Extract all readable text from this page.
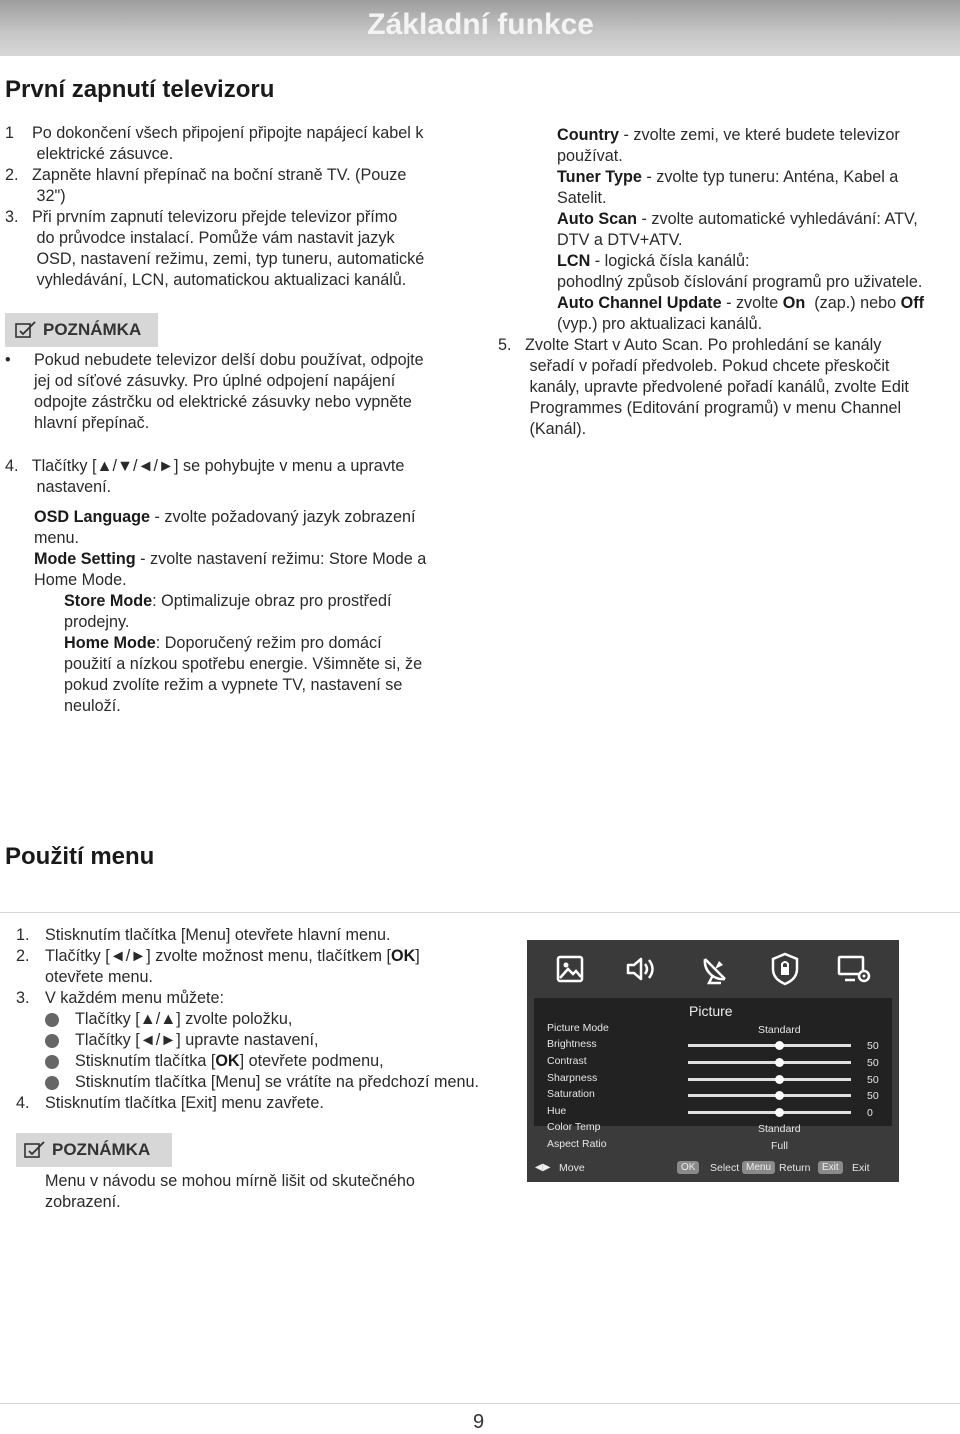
Základní funkce
První zapnutí televizoru
1    Po dokončení všech připojení připojte napájecí kabel k
elektrické zásuvce.
2.   Zapněte hlavní přepínač na boční straně TV. (Pouze
32")
3.   Při prvním zapnutí televizoru přejde televizor přímo
do průvodce instalací. Pomůže vám nastavit jazyk
OSD, nastavení režimu, zemi, typ tuneru, automatické
vyhledávání, LCN, automatickou aktualizaci kanálů.
POZNÁMKA
• Pokud nebudete televizor delší dobu používat, odpojte
jej od síťové zásuvky. Pro úplné odpojení napájení
odpojte zástrčku od elektrické zásuvky nebo vypněte
hlavní přepínač.
4.   Tlačítky [▲/▼/◄/►] se pohybujte v menu a upravte
nastavení.
OSD Language - zvolte požadovaný jazyk zobrazení
menu.
Mode Setting - zvolte nastavení režimu: Store Mode a
Home Mode.
Store Mode: Optimalizuje obraz pro prostředí
prodejny.
Home Mode: Doporučený režim pro domácí
použití a nízkou spotřebu energie. Všimněte si, že
pokud zvolíte režim a vypnete TV, nastavení se
neuloží.
Country - zvolte zemi, ve které budete televizor
používat.
Tuner Type - zvolte typ tuneru: Anténa, Kabel a
Satelit.
Auto Scan - zvolte automatické vyhledávání: ATV,
DTV a DTV+ATV.
LCN - logická čísla kanálů:
pohodlný způsob číslování programů pro uživatele.
Auto Channel Update - zvolte On  (zap.) nebo Off
(vyp.) pro aktualizaci kanálů.
5.   Zvolte Start v Auto Scan. Po prohledání se kanály
seřadí v pořadí předvoleb. Pokud chcete přeskočit
kanály, upravte předvolené pořadí kanálů, zvolte Edit
Programmes (Editování programů) v menu Channel
(Kanál).
Použití menu
1. Stisknutím tlačítka [Menu] otevřete hlavní menu.
2. Tlačítky [◄/►] zvolte možnost menu, tlačítkem [OK]
otevřete menu.
3. V každém menu můžete:
Tlačítky [▲/▲] zvolte položku,
Tlačítky [◄/►] upravte nastavení,
Stisknutím tlačítka [OK] otevřete podmenu,
Stisknutím tlačítka [Menu] se vrátíte na předchozí menu.
4. Stisknutím tlačítka [Exit] menu zavřete.
POZNÁMKA
Menu v návodu se mohou mírně lišit od skutečného
zobrazení.
Picture
Picture Mode	Standard
Brightness	50
Contrast	50
Sharpness	50
Saturation	50
Hue	0
Color Temp	Standard
Aspect Ratio	Full
◀▶ Move	OK	Select Menu Return	Exit	Exit
9
